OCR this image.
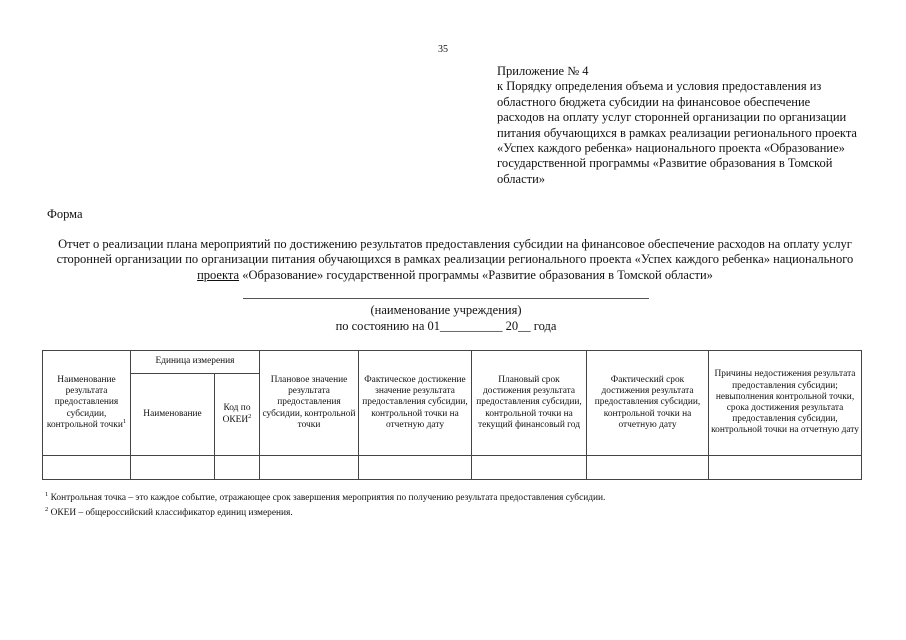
35
Приложение № 4
к Порядку определения объема и условия предоставления из областного бюджета субсидии на финансовое обеспечение расходов на оплату услуг сторонней организации по организации питания обучающихся в рамках реализации регионального проекта «Успех каждого ребенка» национального проекта «Образование» государственной программы «Развитие образования в Томской области»
Форма
Отчет о реализации плана мероприятий по достижению результатов предоставления субсидии на финансовое обеспечение расходов на оплату услуг сторонней организации по организации питания обучающихся в рамках реализации регионального проекта «Успех каждого ребенка» национального проекта «Образование» государственной программы «Развитие образования в Томской области»
(наименование учреждения)
по состоянию на 01__________ 20__ года
Наименование результата предоставления субсидии, контрольной точки$^1$	Единица измерения		Плановое значение результата предоставления субсидии, контрольной точки	Фактическое достижение значение результата предоставления субсидии, контрольной точки на отчетную дату	Плановый срок достижения результата предоставления субсидии, контрольной точки на текущий финансовый год	Фактический срок достижения результата предоставления субсидии, контрольной точки на отчетную дату	Причины недостижения результата предоставления субсидии; невыполнения контрольной точки, срока достижения результата предоставления субсидии, контрольной точки на отчетную дату
	Наименование	Код по ОКЕИ$^2$

$^1$ Контрольная точка – это каждое событие, отражающее срок завершения мероприятия по получению результата предоставления субсидии.
$^2$ ОКЕИ – общероссийский классификатор единиц измерения.
